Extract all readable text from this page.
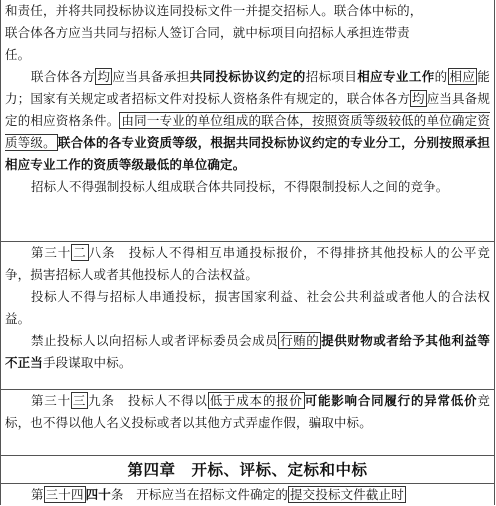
和责任，并将共同投标协议连同投标文件一并提交招标人。联合体中标的，
联合体各方应当共同与招标人签订合同，就中标项目向招标人承担连带责
任。

联合体各方 均 应当具备承担共同投标协议约定的招标项目相应专业工作的 相应 能力；国家有关规定或者招标文件对投标人资格条件有规定的，联合体各方 均 应当具备规定的相应资格条件。 由同一专业的单位组成的联合体，按照资质等级较低的单位确定资质等级。 联合体的各专业资质等级，根据共同投标协议约定的专业分工，分别按照承担相应专业工作的资质等级最低的单位确定。

招标人不得强制投标人组成联合体共同投标，不得限制投标人之间的竞争。

第三十 二 八条　投标人不得相互串通投标报价，不得排挤其他投标人的公平竞争，损害招标人或者其他投标人的合法权益。

投标人不得与招标人串通投标，损害国家利益、社会公共利益或者他人的合法权益。

禁止投标人以向招标人或者评标委员会成员 行贿的 提供财物或者给予其他利益等不正当手段谋取中标。

第三十 三 九条　投标人不得以 低于成本的报价 可能影响合同履行的异常低价竞标，也不得以他人名义投标或者以其他方式弄虚作假，骗取中标。

第四章　开标、评标、定标和中标

第 三十四 四十条　开标应当在招标文件确定的 提交投标文件截止时
